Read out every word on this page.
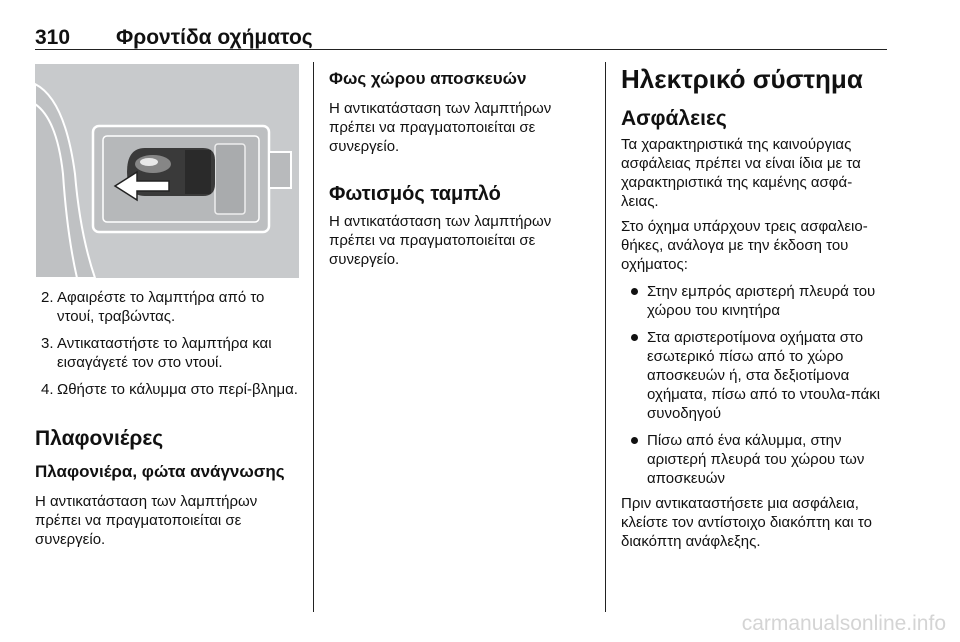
310 Φροντίδα οχήματος
2. Αφαιρέστε το λαμπτήρα από το ντουί, τραβώντας.
3. Αντικαταστήστε το λαμπτήρα και εισαγάγετέ τον στο ντουί.
4. Ωθήστε το κάλυμμα στο περί-βλημα.
Πλαφονιέρες
Πλαφονιέρα, φώτα ανάγνωσης

Η αντικατάσταση των λαμπτήρων πρέπει να πραγματοποιείται σε συνεργείο.

Φως χώρου αποσκευών

Η αντικατάσταση των λαμπτήρων πρέπει να πραγματοποιείται σε συνεργείο.

Φωτισμός ταμπλό

Η αντικατάσταση των λαμπτήρων πρέπει να πραγματοποιείται σε συνεργείο.

Ηλεκτρικό σύστημα
Ασφάλειες

Τα χαρακτηριστικά της καινούργιας ασφάλειας πρέπει να είναι ίδια με τα χαρακτηριστικά της καμένης ασφά-λειας.

Στο όχημα υπάρχουν τρεις ασφαλειο-θήκες, ανάλογα με την έκδοση του οχήματος:

Στην εμπρός αριστερή πλευρά του χώρου του κινητήρα
Στα αριστεροτίμονα οχήματα στο εσωτερικό πίσω από το χώρο αποσκευών ή, στα δεξιοτίμονα οχήματα, πίσω από το ντουλα-πάκι συνοδηγού
Πίσω από ένα κάλυμμα, στην αριστερή πλευρά του χώρου των αποσκευών

Πριν αντικαταστήσετε μια ασφάλεια, κλείστε τον αντίστοιχο διακόπτη και το διακόπτη ανάφλεξης.

carmanualsonline.info
